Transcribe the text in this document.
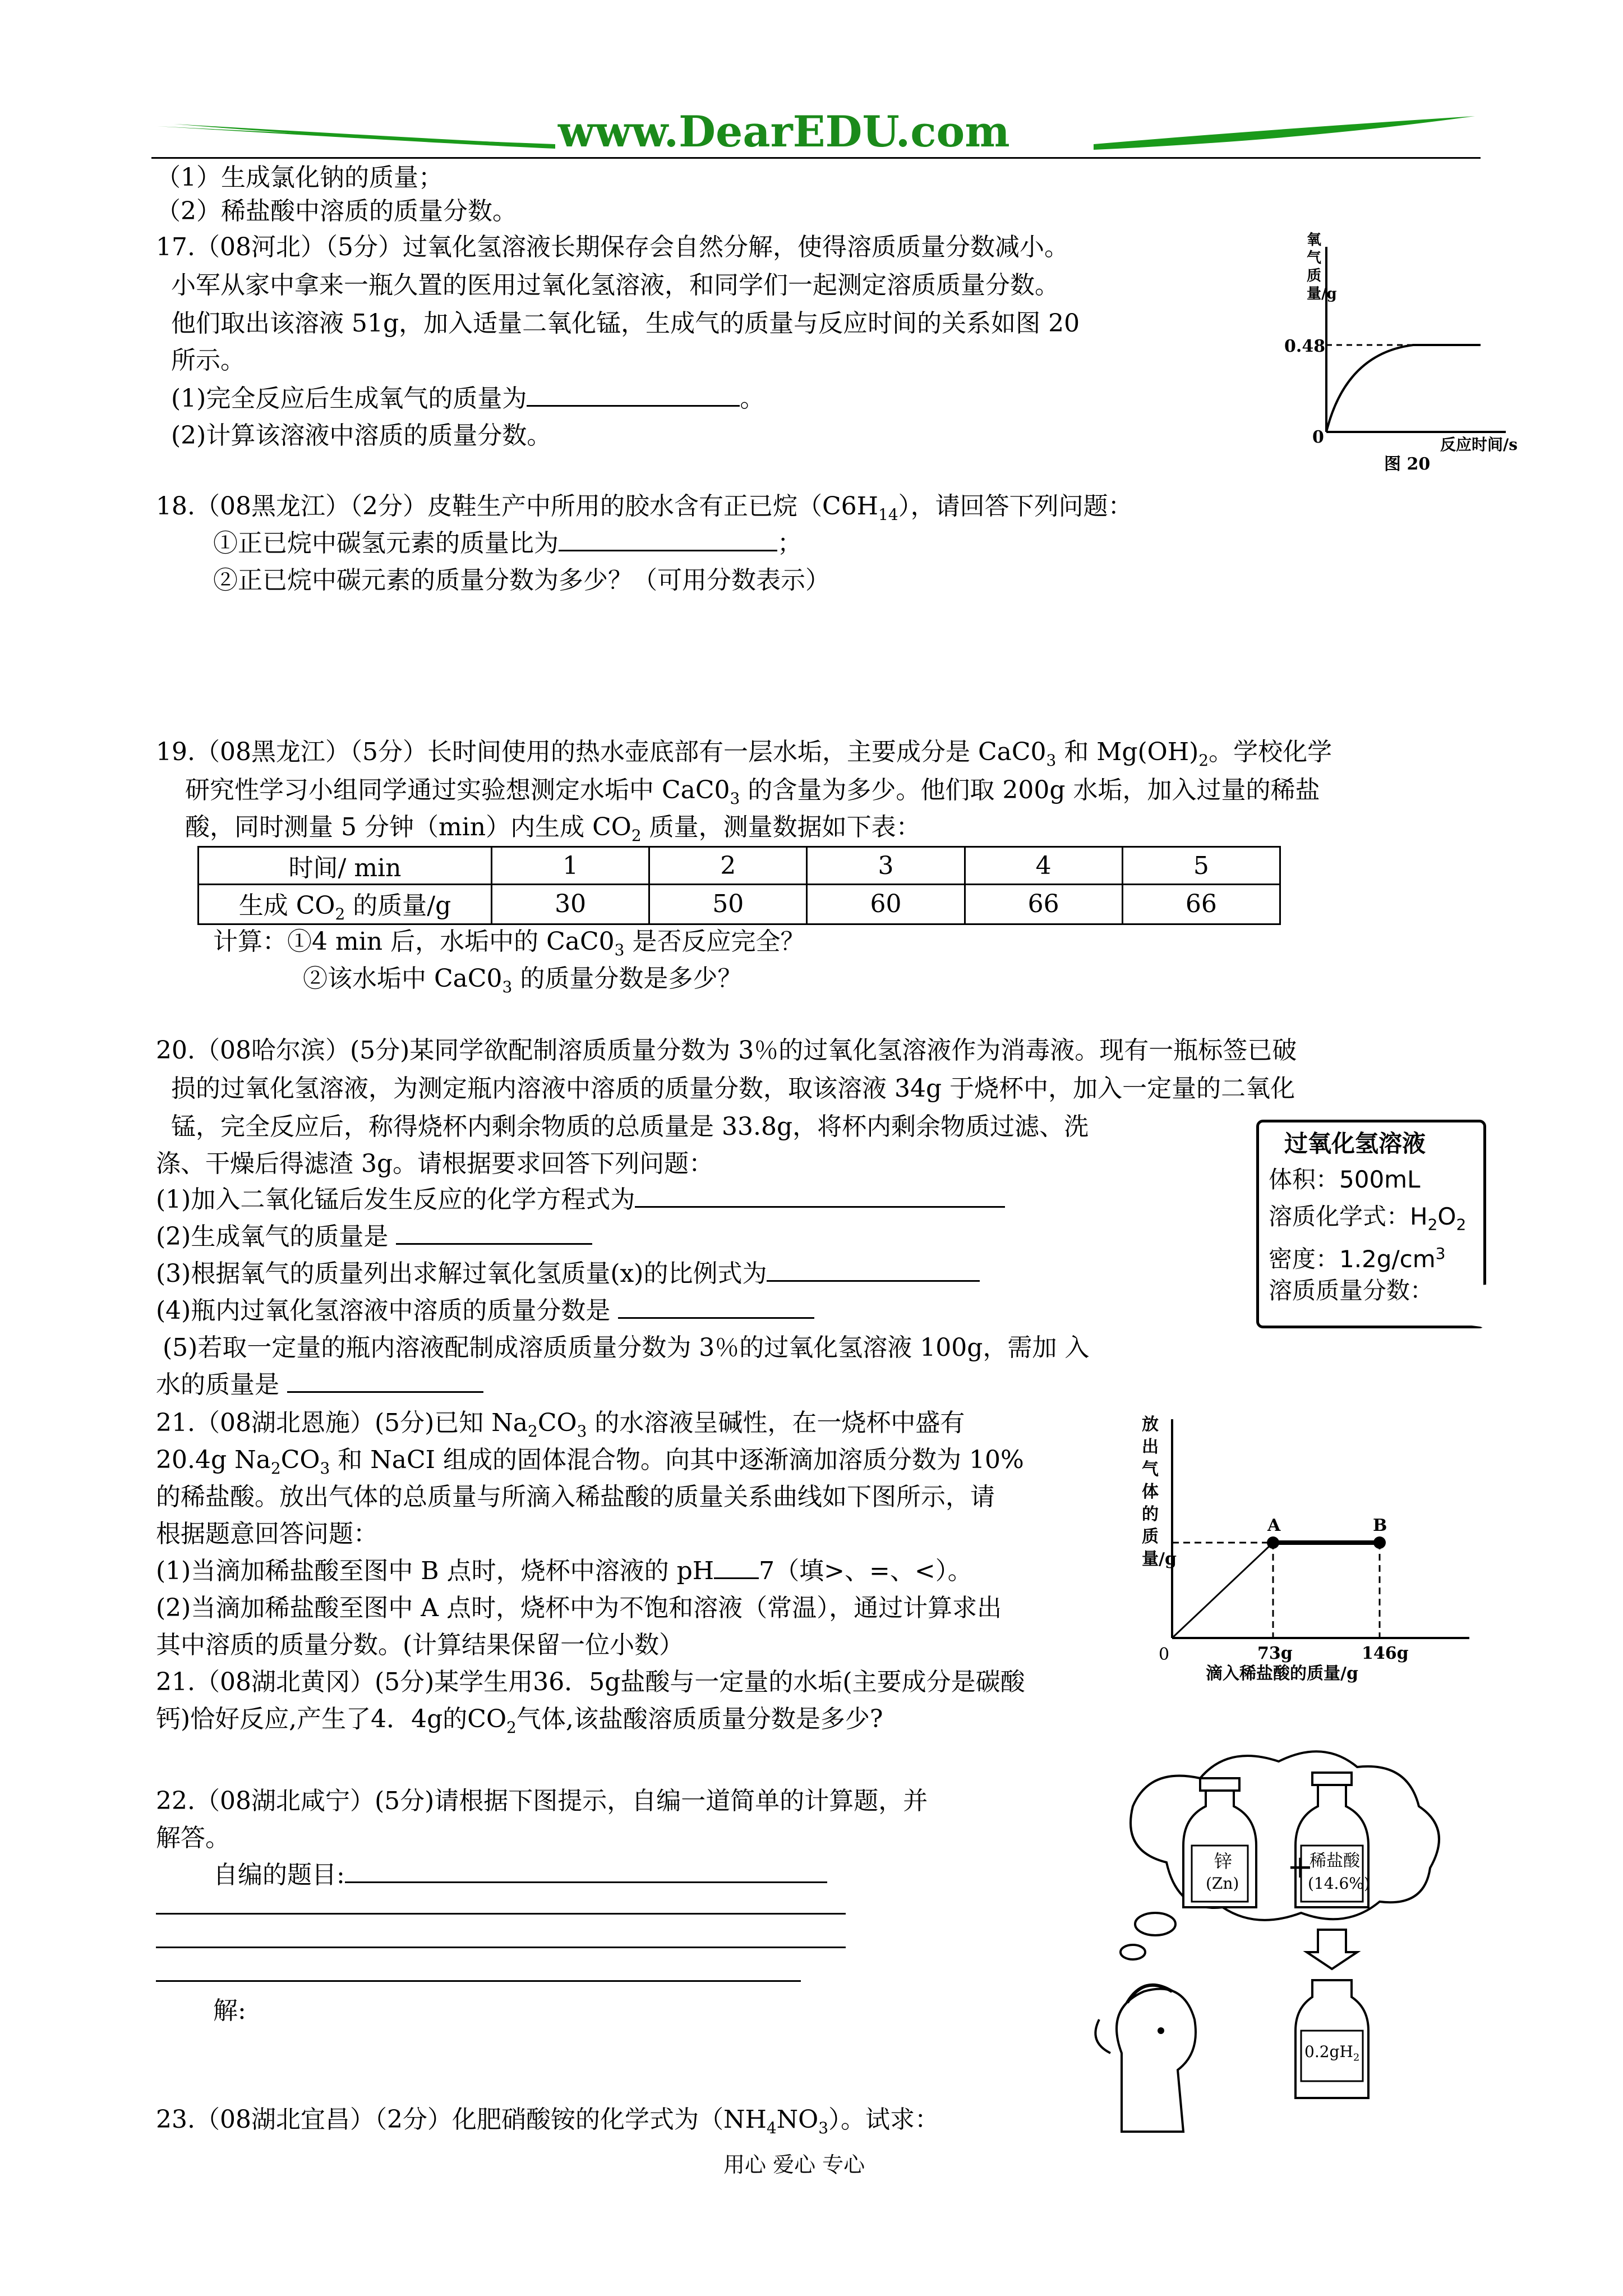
www.DearEDU.com
（1）生成氯化钠的质量；
（2）稀盐酸中溶质的质量分数。
17.（08河北）（5分）过氧化氢溶液长期保存会自然分解，使得溶质质量分数减小。
小军从家中拿来一瓶久置的医用过氧化氢溶液，和同学们一起测定溶质质量分数。
他们取出该溶液 51g，加入适量二氧化锰，生成气的质量与反应时间的关系如图 20
所示。
(1)完全反应后生成氧气的质量为	。
(2)计算该溶液中溶质的质量分数。
氧气质量/g
0.48
0	反应时间/s
图 20
18.（08黑龙江）（2分）皮鞋生产中所用的胶水含有正已烷$(C6H_{14})$，请回答下列问题：
①正已烷中碳氢元素的质量比为	；
②正已烷中碳元素的质量分数为多少？（可用分数表示）
19.（08黑龙江）（5分）长时间使用的热水壶底部有一层水垢，主要成分是 $CaC0_3$ 和 $Mg(OH)_2$。学校化学
研究性学习小组同学通过实验想测定水垢中 $CaC0_3$ 的含量为多少。他们取 200g 水垢，加入过量的稀盐
酸，同时测量 5 分钟（min）内生成 $CO_2$ 质量，测量数据如下表：
时间/ min	1	2	3	4	5
生成 $CO_2$ 的质量/g	30	50	60	66	66
计算：①4 min 后，水垢中的 $CaC0_3$ 是否反应完全？
②该水垢中 $CaC0_3$ 的质量分数是多少？
20.（08哈尔滨）(5分)某同学欲配制溶质质量分数为 3％的过氧化氢溶液作为消毒液。现有一瓶标签已破
损的过氧化氢溶液，为测定瓶内溶液中溶质的质量分数，取该溶液 34g 于烧杯中，加入一定量的二氧化
锰，完全反应后，称得烧杯内剩余物质的总质量是 33.8g，将杯内剩余物质过滤、洗
涤、干燥后得滤渣 3g。请根据要求回答下列问题：
(1)加入二氧化锰后发生反应的化学方程式为
(2)生成氧气的质量是
(3)根据氧气的质量列出求解过氧化氢质量(x)的比例式为
(4)瓶内过氧化氢溶液中溶质的质量分数是
(5)若取一定量的瓶内溶液配制成溶质质量分数为 3％的过氧化氢溶液 100g，需加 入
水的质量是
过氧化氢溶液
体积：500mL
溶质化学式：$H_2O_2$
密度：$1.2g/cm^3$
溶质质量分数：
21.（08湖北恩施）(5分)已知 $Na_2CO_3$ 的水溶液呈碱性，在一烧杯中盛有
20.4g $Na_2CO_3$ 和 NaCI 组成的固体混合物。向其中逐渐滴加溶质分数为 10%
的稀盐酸。放出气体的总质量与所滴入稀盐酸的质量关系曲线如下图所示，请
根据题意回答问题：
(1)当滴加稀盐酸至图中 B 点时，烧杯中溶液的 pH 7（填>、=、<）。
(2)当滴加稀盐酸至图中 A 点时，烧杯中为不饱和溶液（常温），通过计算求出
其中溶质的质量分数。(计算结果保留一位小数）
放出气体的质量/g
A	B
0	73g	146g
滴入稀盐酸的质量/g
21.（08湖北黄冈）(5分)某学生用36．5g盐酸与一定量的水垢(主要成分是碳酸
钙)恰好反应,产生了4．4g的$CO_2$气体,该盐酸溶质质量分数是多少?
22.（08湖北咸宁）(5分)请根据下图提示，自编一道简单的计算题，并
解答。
自编的题目:
解:
锌
(Zn) +
稀盐酸
(14.6%)
$0.2gH_2$
23.（08湖北宜昌）（2分）化肥硝酸铵的化学式为$(NH_4NO_3)$。试求：
用心 爱心 专心
